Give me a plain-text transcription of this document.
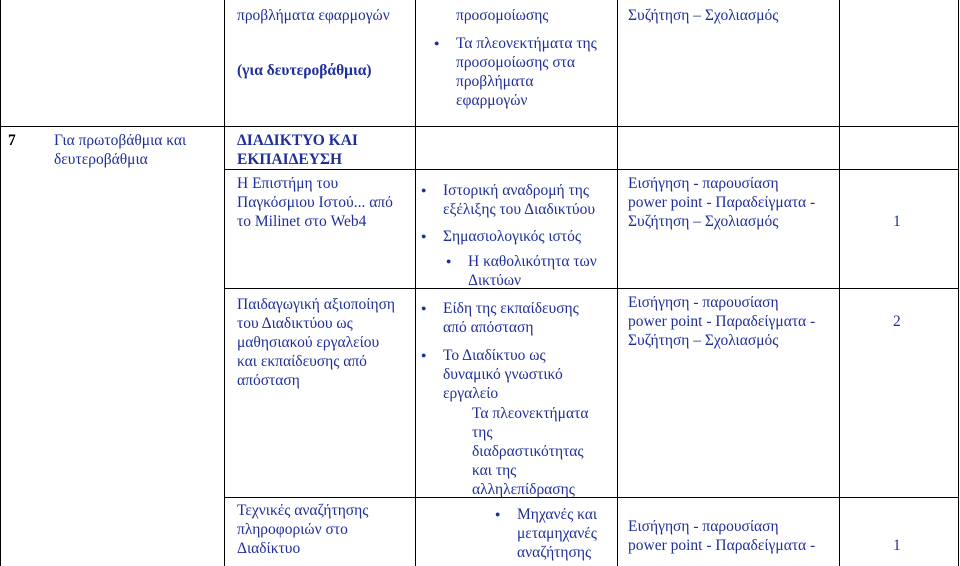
προβλήματα εφαρμογών
(για δευτεροβάθμια)
προσομοίωσης
● Τα πλεονεκτήματα της
προσομοίωσης στα
προβλήματα
εφαρμογών
Συζήτηση – Σχολιασμός
7 Για πρωτοβάθμια και
δευτεροβάθμια
ΔΙΑΔΙΚΤΥΟ ΚΑΙ
ΕΚΠΑΙΔΕΥΣΗ
Η Επιστήμη του
Παγκόσμιου Ιστού... από
το Milinet στο Web4
● Ιστορική αναδρομή της
εξέλιξης του Διαδικτύου
● Σημασιολογικός ιστός
● Η καθολικότητα των
Δικτύων
Εισήγηση - παρουσίαση
power point - Παραδείγματα -
Συζήτηση – Σχολιασμός	1
Παιδαγωγική αξιοποίηση
του Διαδικτύου ως
μαθησιακού εργαλείου
και εκπαίδευσης από
απόσταση
● Είδη της εκπαίδευσης
από απόσταση
● Το Διαδίκτυο ως
δυναμικό γνωστικό
εργαλείο
Τα πλεονεκτήματα
της
διαδραστικότητας
και της
αλληλεπίδρασης
Εισήγηση - παρουσίαση
power point - Παραδείγματα -
Συζήτηση – Σχολιασμός
2
Τεχνικές αναζήτησης
πληροφοριών στο
Διαδίκτυο
● Μηχανές και
μεταμηχανές
αναζήτησης
Εισήγηση - παρουσίαση
power point - Παραδείγματα -	1
